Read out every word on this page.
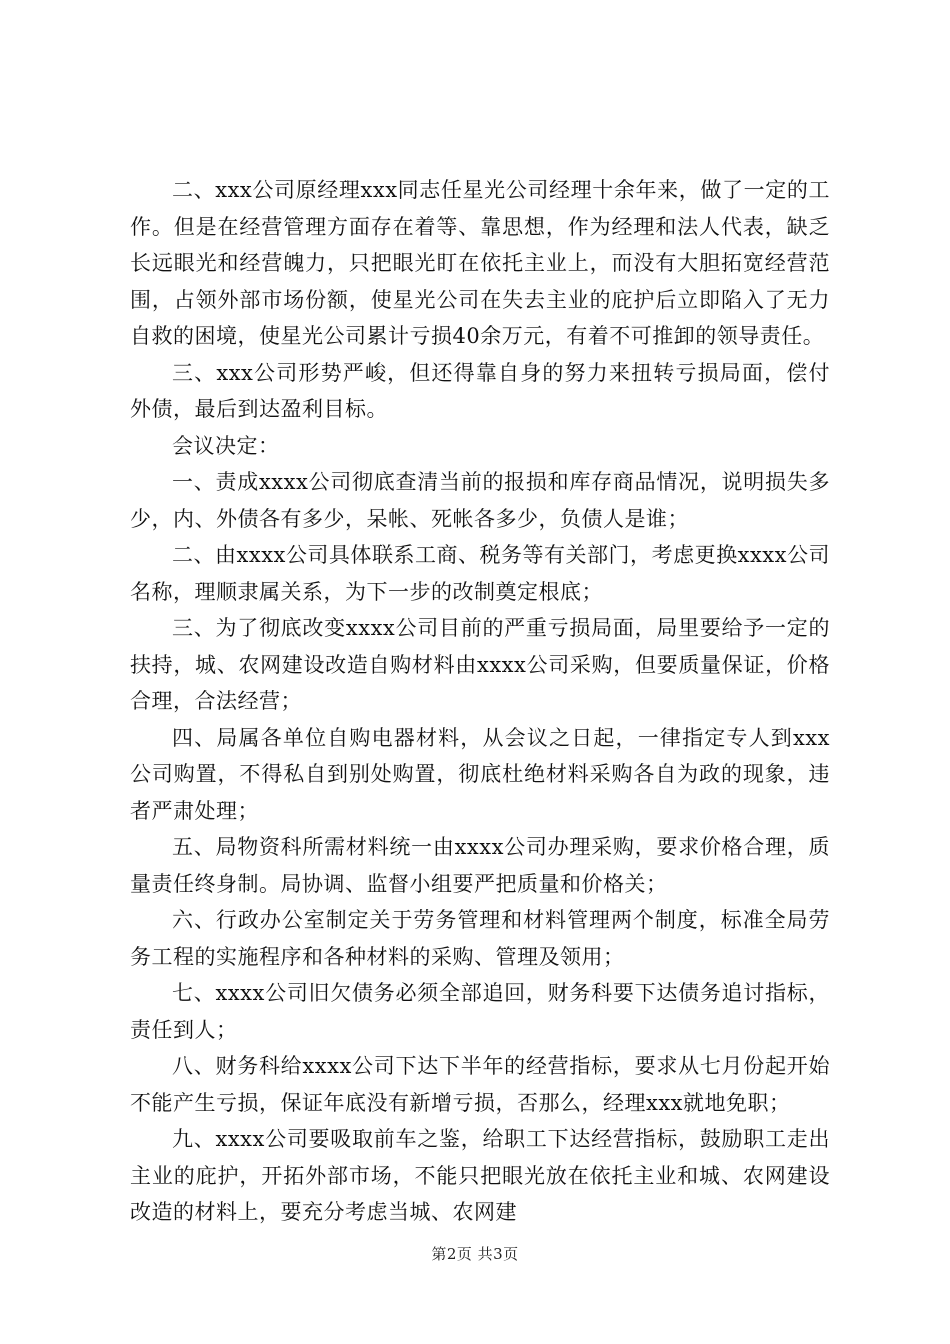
二、xxx公司原经理xxx同志任星光公司经理十余年来，做了一定的工作。但是在经营管理方面存在着等、靠思想，作为经理和法人代表，缺乏长远眼光和经营魄力，只把眼光盯在依托主业上，而没有大胆拓宽经营范围，占领外部市场份额，使星光公司在失去主业的庇护后立即陷入了无力自救的困境，使星光公司累计亏损40余万元，有着不可推卸的领导责任。

三、xxx公司形势严峻，但还得靠自身的努力来扭转亏损局面，偿付外债，最后到达盈利目标。

会议决定：

一、责成xxxx公司彻底查清当前的报损和库存商品情况，说明损失多少，内、外债各有多少，呆帐、死帐各多少，负债人是谁；

二、由xxxx公司具体联系工商、税务等有关部门，考虑更换xxxx公司名称，理顺隶属关系，为下一步的改制奠定根底；

三、为了彻底改变xxxx公司目前的严重亏损局面，局里要给予一定的扶持，城、农网建设改造自购材料由xxxx公司采购，但要质量保证，价格合理，合法经营；

四、局属各单位自购电器材料，从会议之日起，一律指定专人到xxx公司购置，不得私自到别处购置，彻底杜绝材料采购各自为政的现象，违者严肃处理；

五、局物资科所需材料统一由xxxx公司办理采购，要求价格合理，质量责任终身制。局协调、监督小组要严把质量和价格关；

六、行政办公室制定关于劳务管理和材料管理两个制度，标准全局劳务工程的实施程序和各种材料的采购、管理及领用；

七、xxxx公司旧欠债务必须全部追回，财务科要下达债务追讨指标，责任到人；

八、财务科给xxxx公司下达下半年的经营指标，要求从七月份起开始不能产生亏损，保证年底没有新增亏损，否那么，经理xxx就地免职；

九、xxxx公司要吸取前车之鉴，给职工下达经营指标，鼓励职工走出主业的庇护，开拓外部市场，不能只把眼光放在依托主业和城、农网建设改造的材料上，要充分考虑当城、农网建

第2页 共3页
